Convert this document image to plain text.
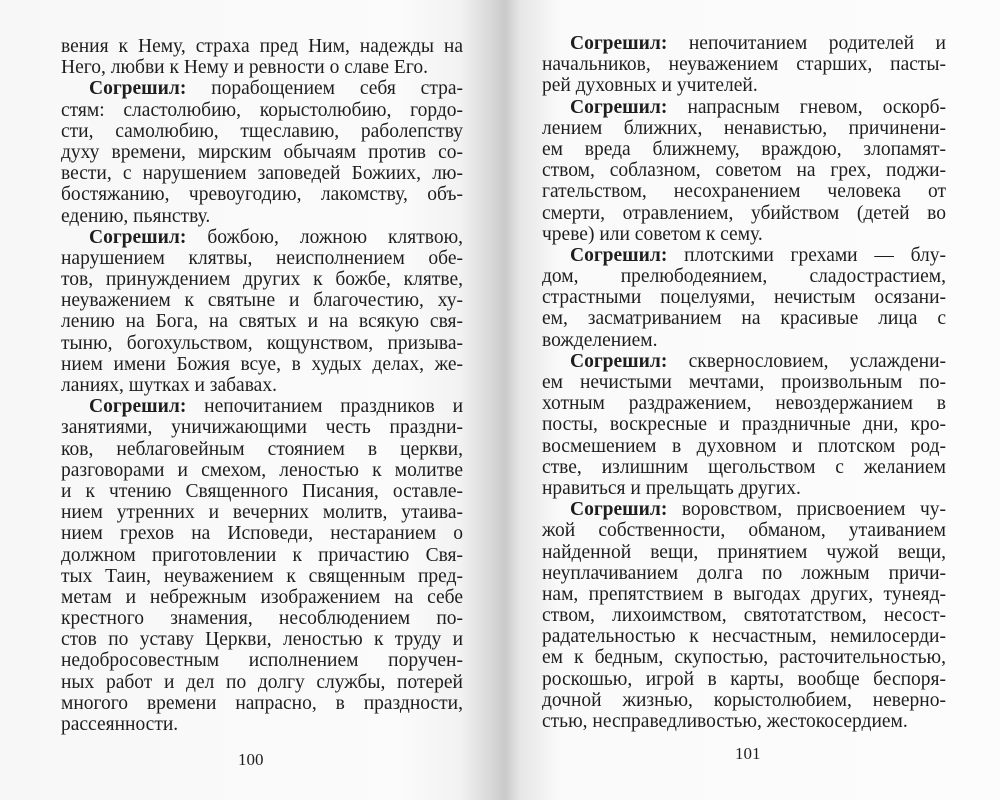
вения к Нему, страха пред Ним, надежды на
Него, любви к Нему и ревности о славе Его.
Согрешил: порабощением себя стра-
стям: сластолюбию, корыстолюбию, гордо-
сти, самолюбию, тщеславию, раболепству
духу времени, мирским обычаям против со-
вести, с нарушением заповедей Божиих, лю-
бостяжанию, чревоугодию, лакомству, объ-
едению, пьянству.
Согрешил: божбою, ложною клятвою,
нарушением клятвы, неисполнением обе-
тов, принуждением других к божбе, клятве,
неуважением к святыне и благочестию, ху-
лению на Бога, на святых и на всякую свя-
тыню, богохульством, кощунством, призыва-
нием имени Божия всуе, в худых делах, же-
ланиях, шутках и забавах.
Согрешил: непочитанием праздников и
занятиями, уничижающими честь праздни-
ков, неблаговейным стоянием в церкви,
разговорами и смехом, леностью к молитве
и к чтению Священного Писания, оставле-
нием утренних и вечерних молитв, утаива-
нием грехов на Исповеди, нестаранием о
должном приготовлении к причастию Свя-
тых Таин, неуважением к священным пред-
метам и небрежным изображением на себе
крестного знамения, несоблюдением по-
стов по уставу Церкви, леностью к труду и
недобросовестным исполнением поручен-
ных работ и дел по долгу службы, потерей
многого времени напрасно, в праздности,
рассеянности.
Согрешил: непочитанием родителей и
начальников, неуважением старших, пасты-
рей духовных и учителей.
Согрешил: напрасным гневом, оскорб-
лением ближних, ненавистью, причинени-
ем вреда ближнему, враждою, злопамят-
ством, соблазном, советом на грех, поджи-
гательством, несохранением человека от
смерти, отравлением, убийством (детей во
чреве) или советом к сему.
Согрешил: плотскими грехами — блу-
дом, прелюбодеянием, сладострастием,
страстными поцелуями, нечистым осязани-
ем, засматриванием на красивые лица с
вожделением.
Согрешил: сквернословием, услаждени-
ем нечистыми мечтами, произвольным по-
хотным раздражением, невоздержанием в
посты, воскресные и праздничные дни, кро-
восмешением в духовном и плотском род-
стве, излишним щегольством с желанием
нравиться и прельщать других.
Согрешил: воровством, присвоением чу-
жой собственности, обманом, утаиванием
найденной вещи, принятием чужой вещи,
неуплачиванием долга по ложным причи-
нам, препятствием в выгодах других, тунеяд-
ством, лихоимством, святотатством, несост-
радательностью к несчастным, немилосерди-
ем к бедным, скупостью, расточительностью,
роскошью, игрой в карты, вообще беспоря-
дочной жизнью, корыстолюбием, неверно-
стью, несправедливостью, жестокосердием.
100	101
